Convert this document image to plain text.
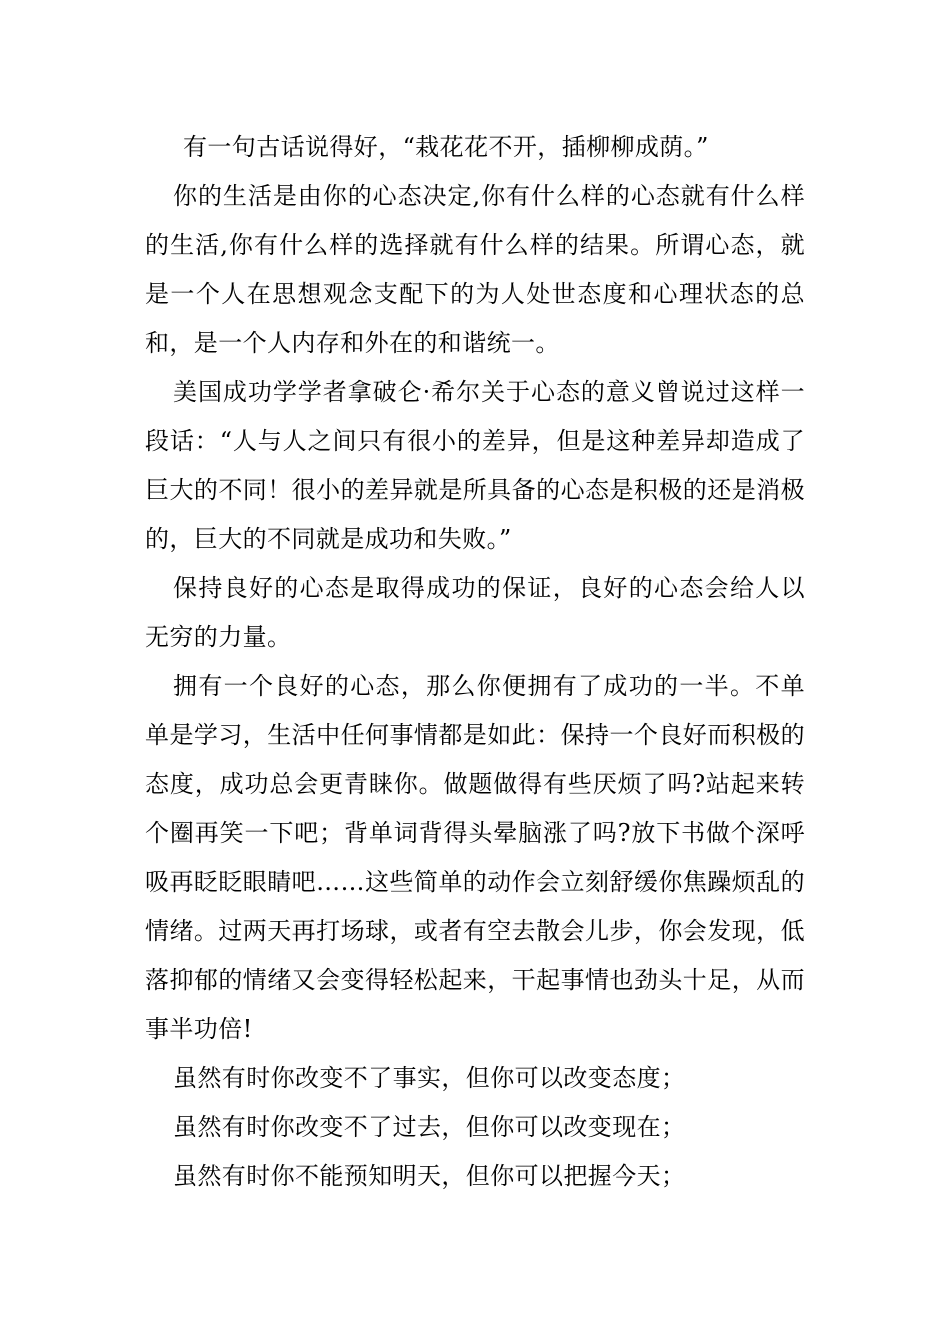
有一句古话说得好，“栽花花不开，插柳柳成荫。”

你的生活是由你的心态决定,你有什么样的心态就有什么样的生活,你有什么样的选择就有什么样的结果。所谓心态，就是一个人在思想观念支配下的为人处世态度和心理状态的总和，是一个人内存和外在的和谐统一。

美国成功学学者拿破仑·希尔关于心态的意义曾说过这样一段话：“人与人之间只有很小的差异，但是这种差异却造成了巨大的不同！很小的差异就是所具备的心态是积极的还是消极的，巨大的不同就是成功和失败。”

保持良好的心态是取得成功的保证，良好的心态会给人以无穷的力量。

拥有一个良好的心态，那么你便拥有了成功的一半。不单单是学习，生活中任何事情都是如此：保持一个良好而积极的态度，成功总会更青睐你。做题做得有些厌烦了吗?站起来转个圈再笑一下吧；背单词背得头晕脑涨了吗?放下书做个深呼吸再眨眨眼睛吧……这些简单的动作会立刻舒缓你焦躁烦乱的情绪。过两天再打场球，或者有空去散会儿步，你会发现，低落抑郁的情绪又会变得轻松起来，干起事情也劲头十足，从而事半功倍!

虽然有时你改变不了事实，但你可以改变态度；

虽然有时你改变不了过去，但你可以改变现在；

虽然有时你不能预知明天，但你可以把握今天；
